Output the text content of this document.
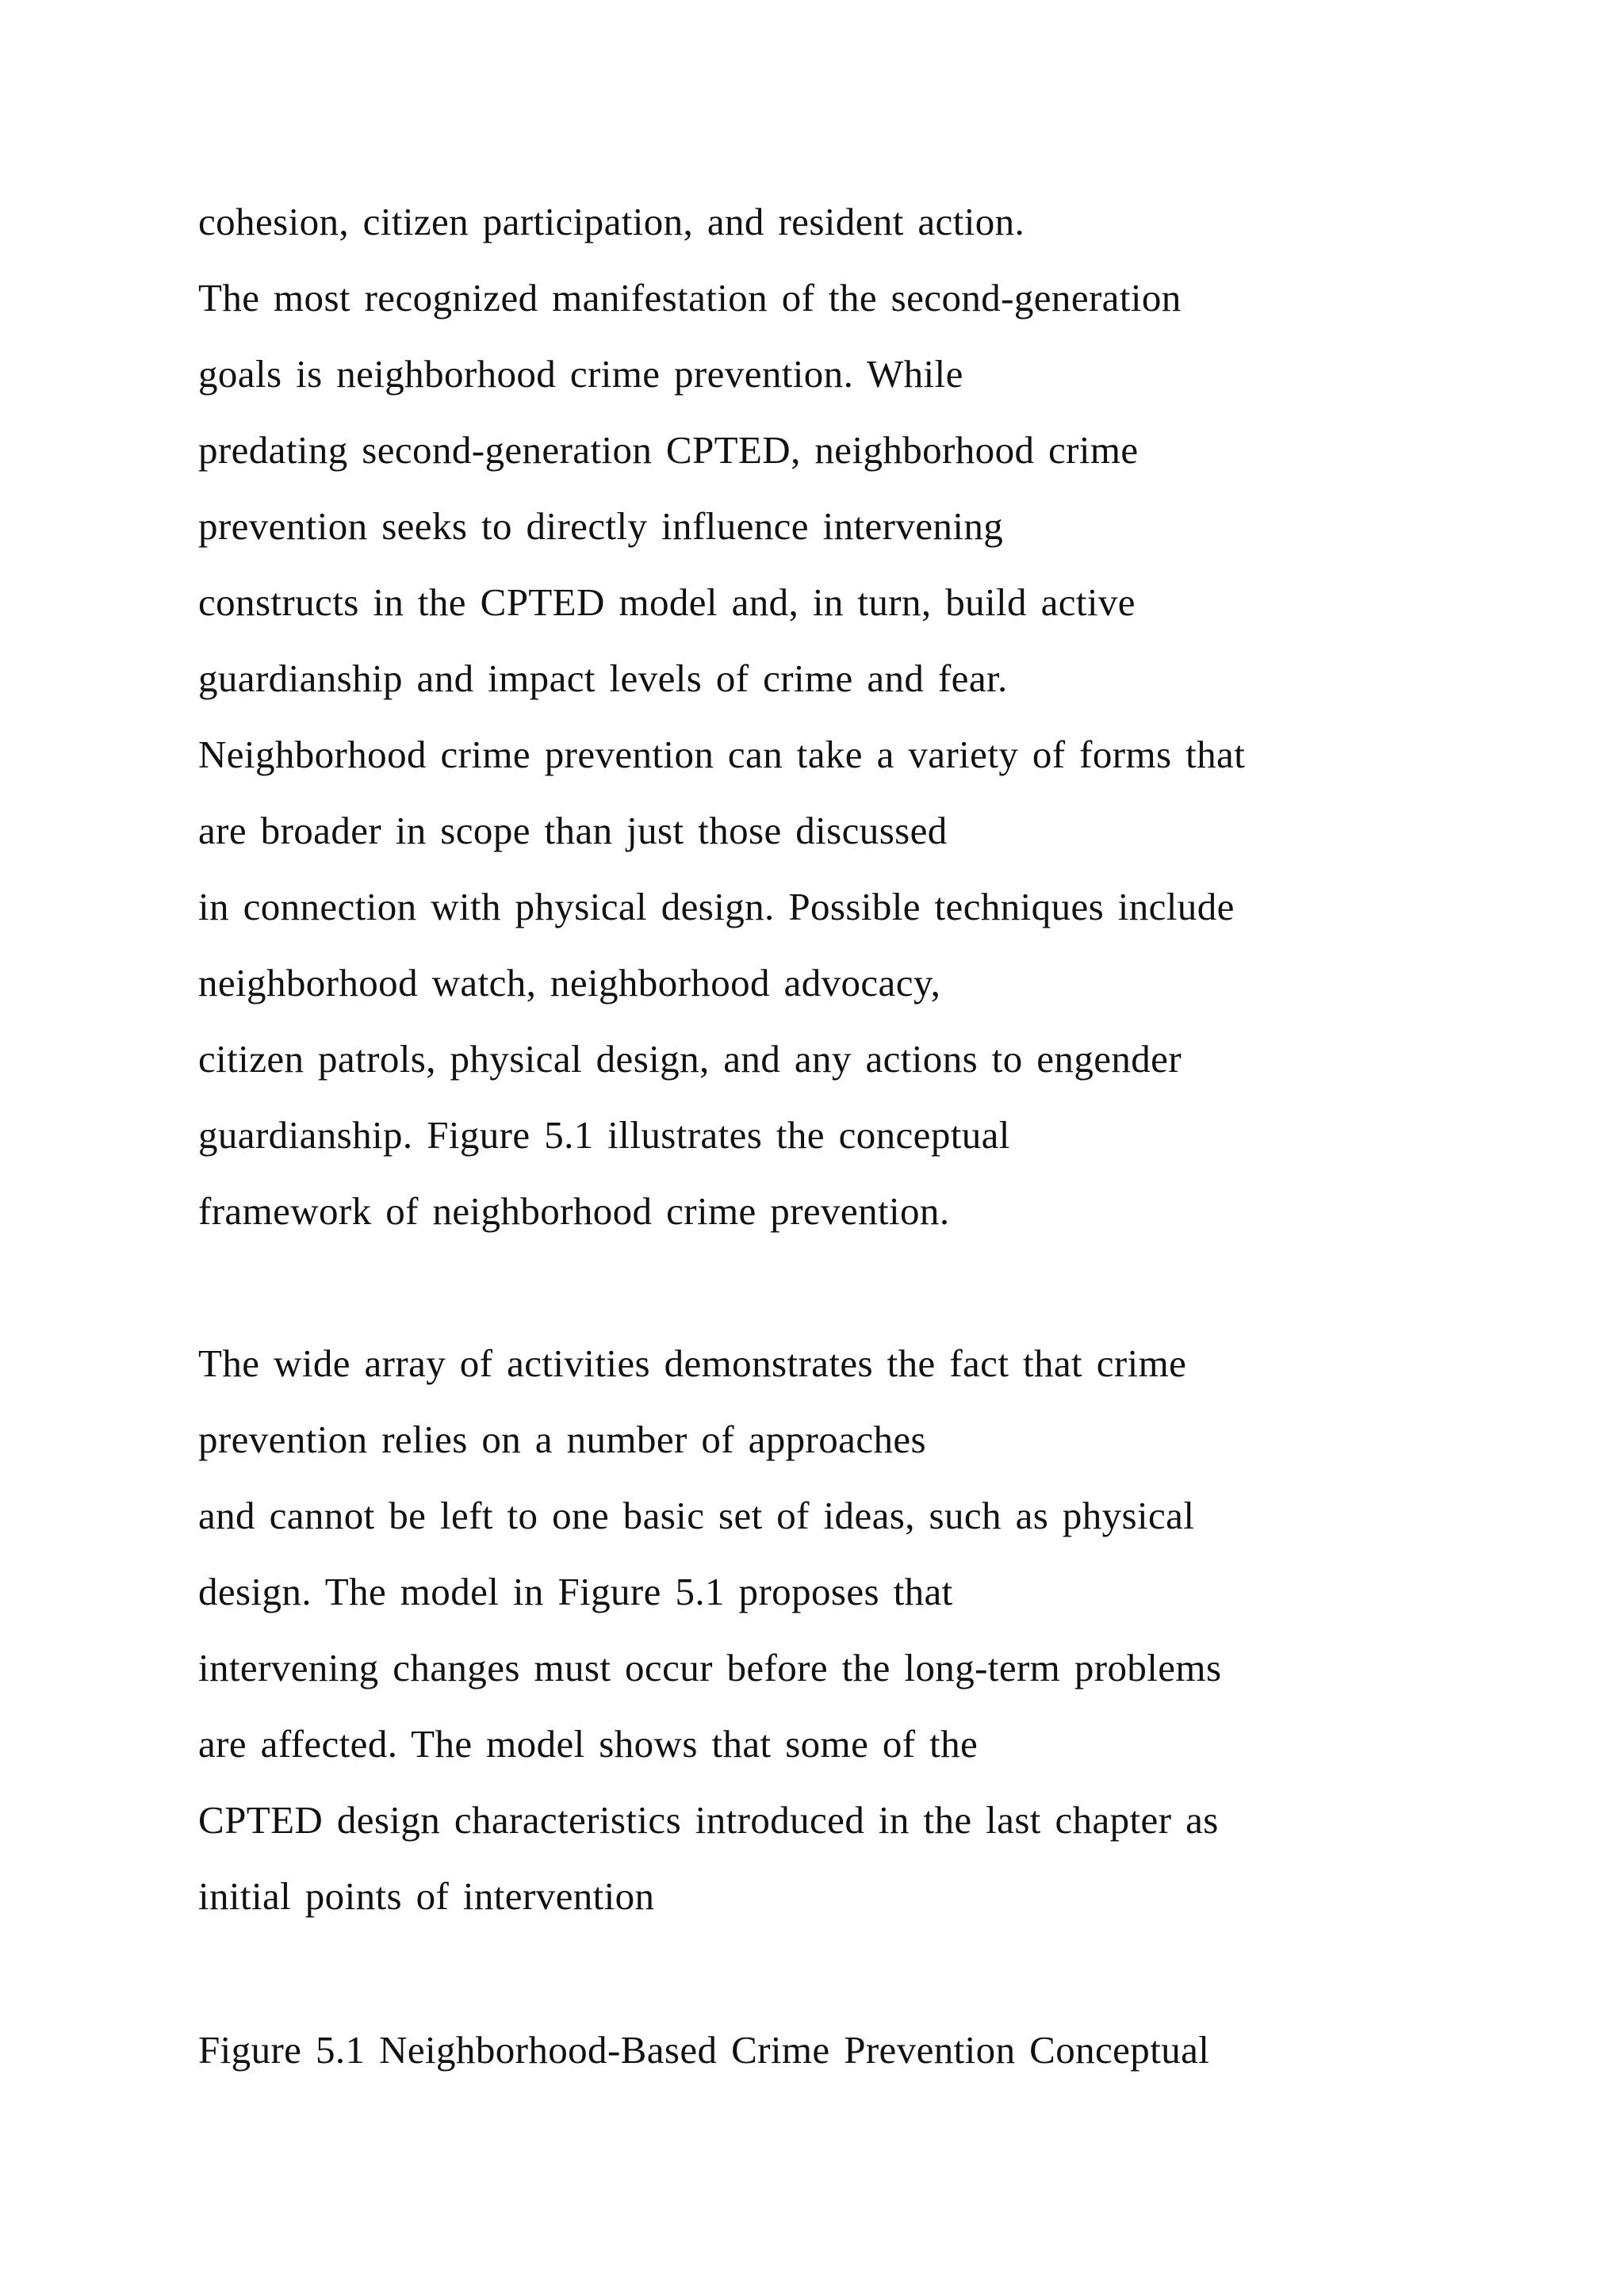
cohesion, citizen participation, and resident action.

The most recognized manifestation of the second-generation

goals is neighborhood crime prevention. While

predating second-generation CPTED, neighborhood crime

prevention seeks to directly influence intervening

constructs in the CPTED model and, in turn, build active

guardianship and impact levels of crime and fear.

Neighborhood crime prevention can take a variety of forms that

are broader in scope than just those discussed

in connection with physical design. Possible techniques include

neighborhood watch, neighborhood advocacy,

citizen patrols, physical design, and any actions to engender

guardianship. Figure 5.1 illustrates the conceptual

framework of neighborhood crime prevention.

The wide array of activities demonstrates the fact that crime

prevention relies on a number of approaches

and cannot be left to one basic set of ideas, such as physical

design. The model in Figure 5.1 proposes that

intervening changes must occur before the long-term problems

are affected. The model shows that some of the

CPTED design characteristics introduced in the last chapter as

initial points of intervention

Figure 5.1 Neighborhood-Based Crime Prevention Conceptual
